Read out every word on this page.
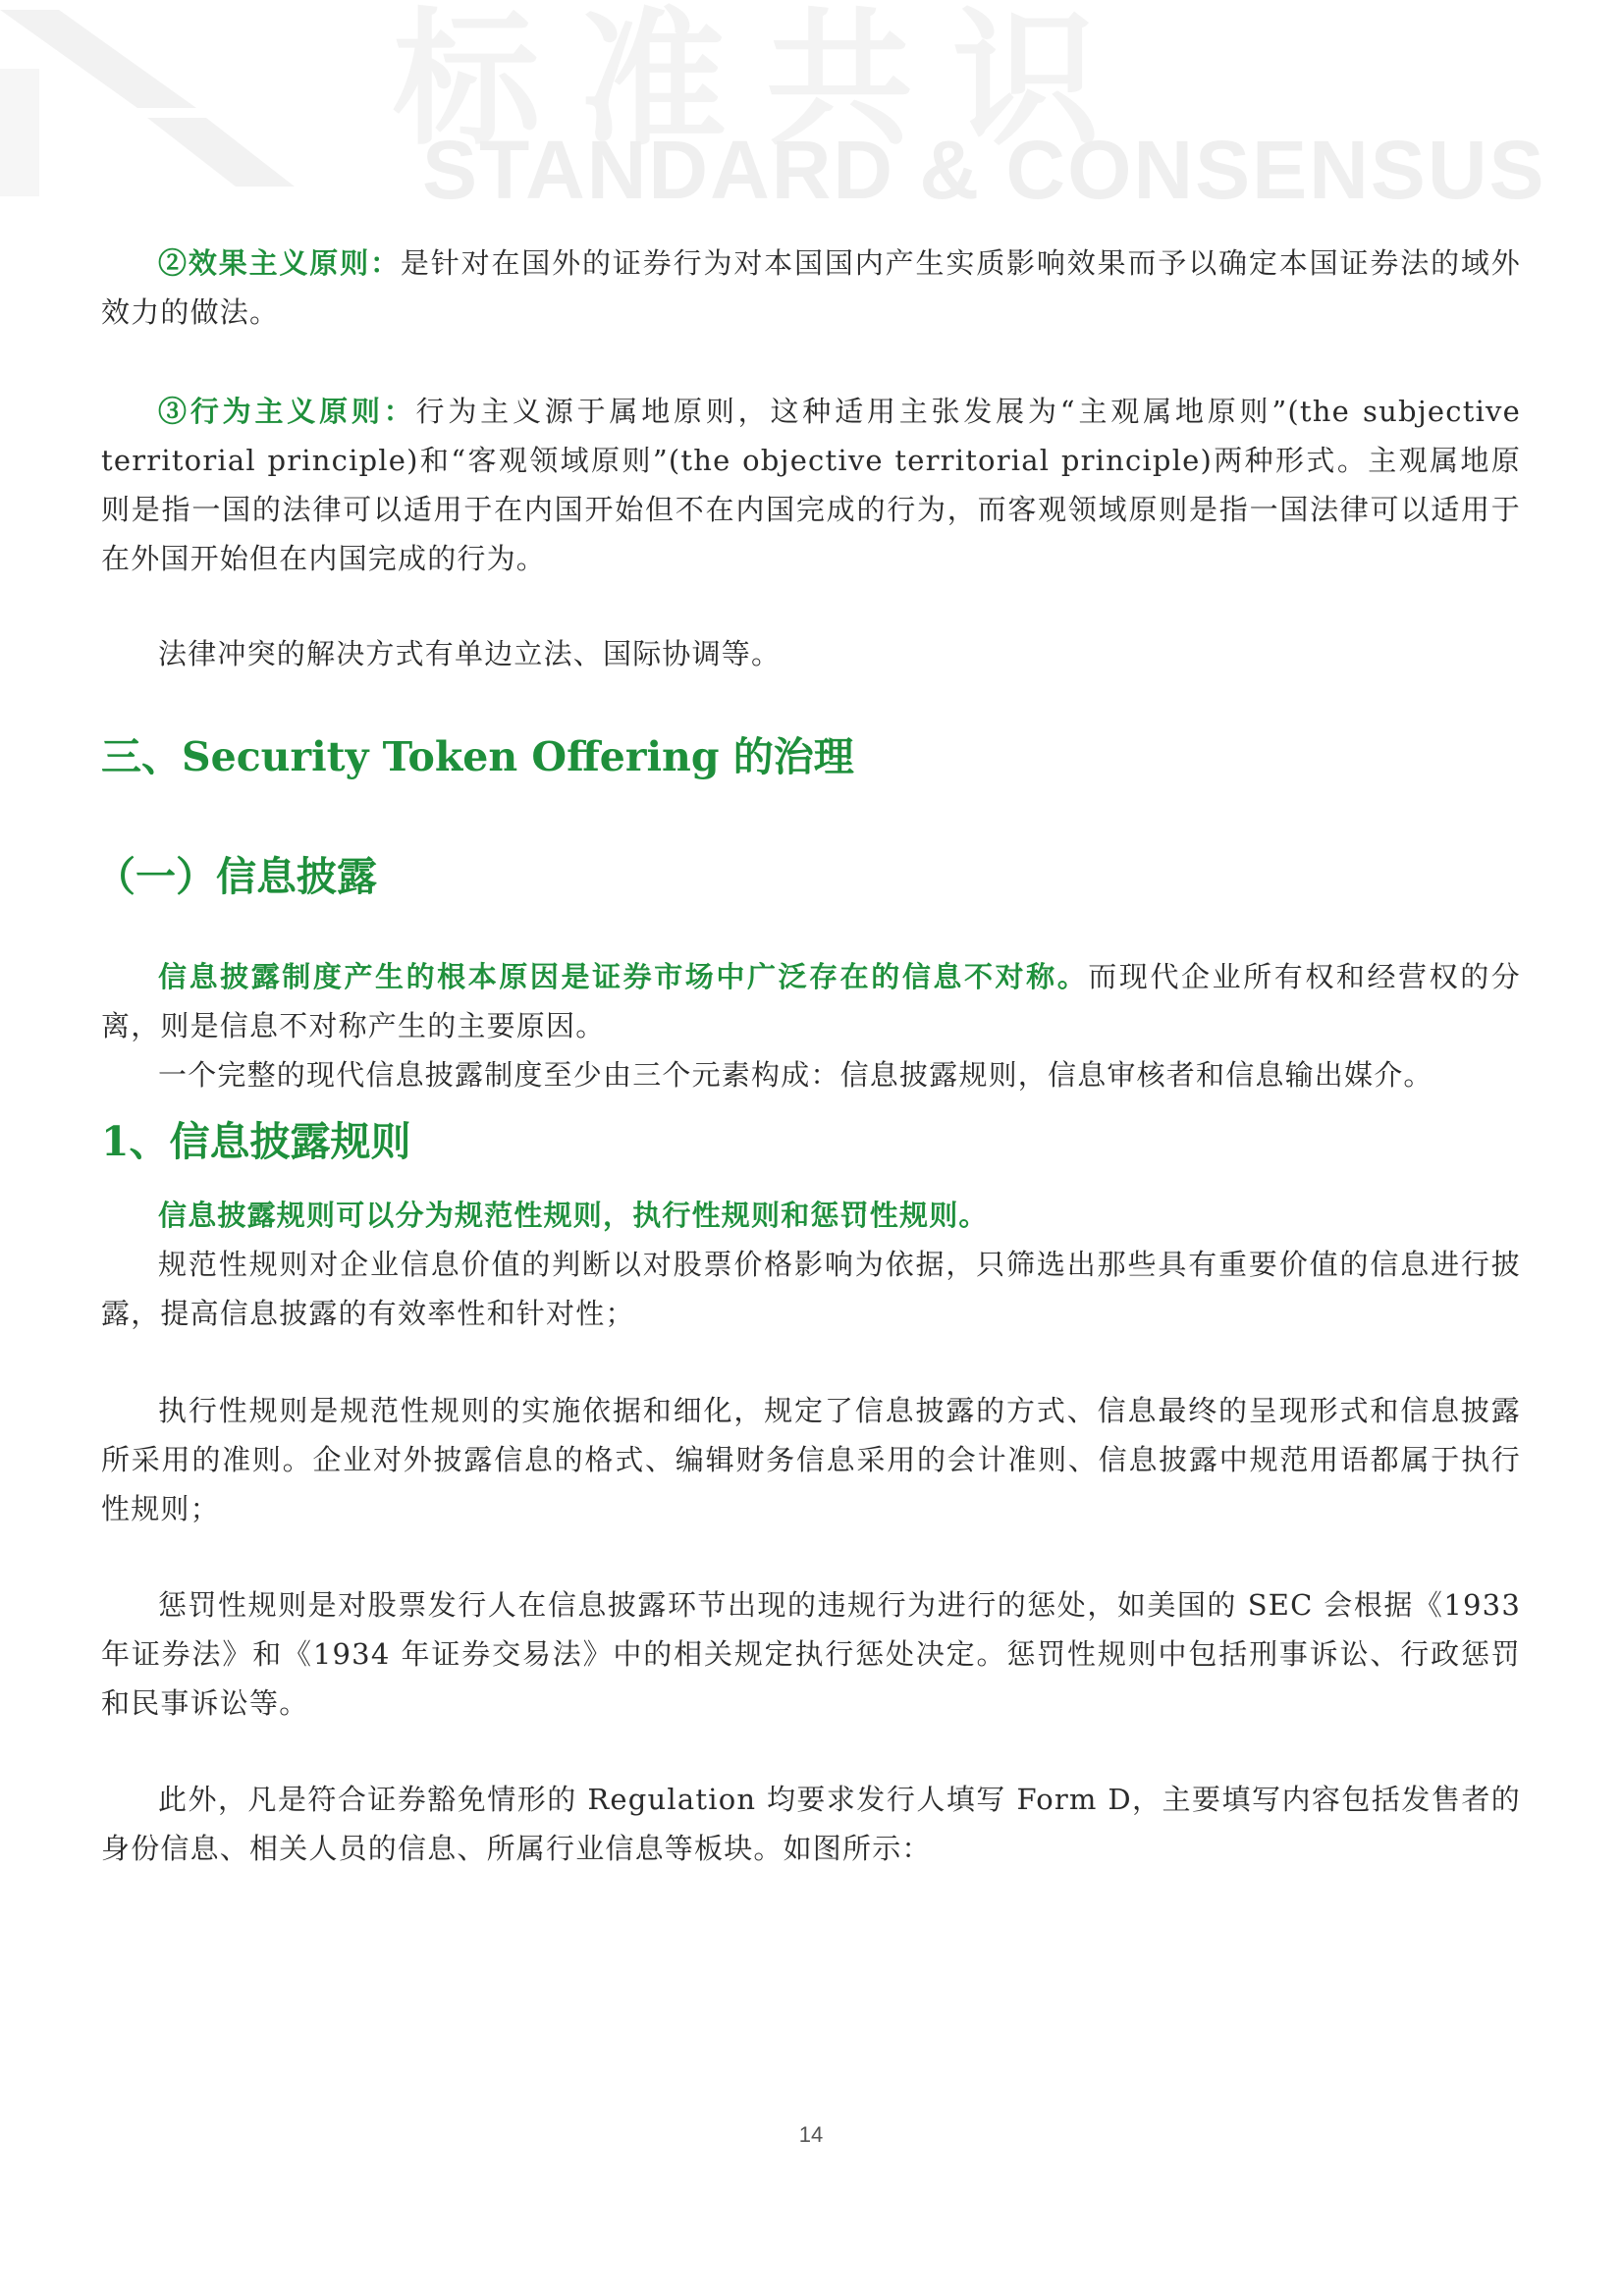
标准共识
STANDARD & CONSENSUS

②效果主义原则：是针对在国外的证券行为对本国国内产生实质影响效果而予以确定本国证券法的域外效力的做法。

③行为主义原则：行为主义源于属地原则，这种适用主张发展为“主观属地原则”(the subjective territorial principle)和“客观领域原则”(the objective territorial principle)两种形式。主观属地原则是指一国的法律可以适用于在内国开始但不在内国完成的行为，而客观领域原则是指一国法律可以适用于在外国开始但在内国完成的行为。

法律冲突的解决方式有单边立法、国际协调等。

三、Security Token Offering 的治理
（一）信息披露

信息披露制度产生的根本原因是证券市场中广泛存在的信息不对称。而现代企业所有权和经营权的分离，则是信息不对称产生的主要原因。

一个完整的现代信息披露制度至少由三个元素构成：信息披露规则，信息审核者和信息输出媒介。

1、信息披露规则

信息披露规则可以分为规范性规则，执行性规则和惩罚性规则。

规范性规则对企业信息价值的判断以对股票价格影响为依据，只筛选出那些具有重要价值的信息进行披露，提高信息披露的有效率性和针对性；

执行性规则是规范性规则的实施依据和细化，规定了信息披露的方式、信息最终的呈现形式和信息披露所采用的准则。企业对外披露信息的格式、编辑财务信息采用的会计准则、信息披露中规范用语都属于执行性规则；

惩罚性规则是对股票发行人在信息披露环节出现的违规行为进行的惩处，如美国的 SEC 会根据《1933 年证券法》和《1934 年证券交易法》中的相关规定执行惩处决定。惩罚性规则中包括刑事诉讼、行政惩罚和民事诉讼等。

此外，凡是符合证券豁免情形的 Regulation 均要求发行人填写 Form D，主要填写内容包括发售者的身份信息、相关人员的信息、所属行业信息等板块。如图所示：

14
